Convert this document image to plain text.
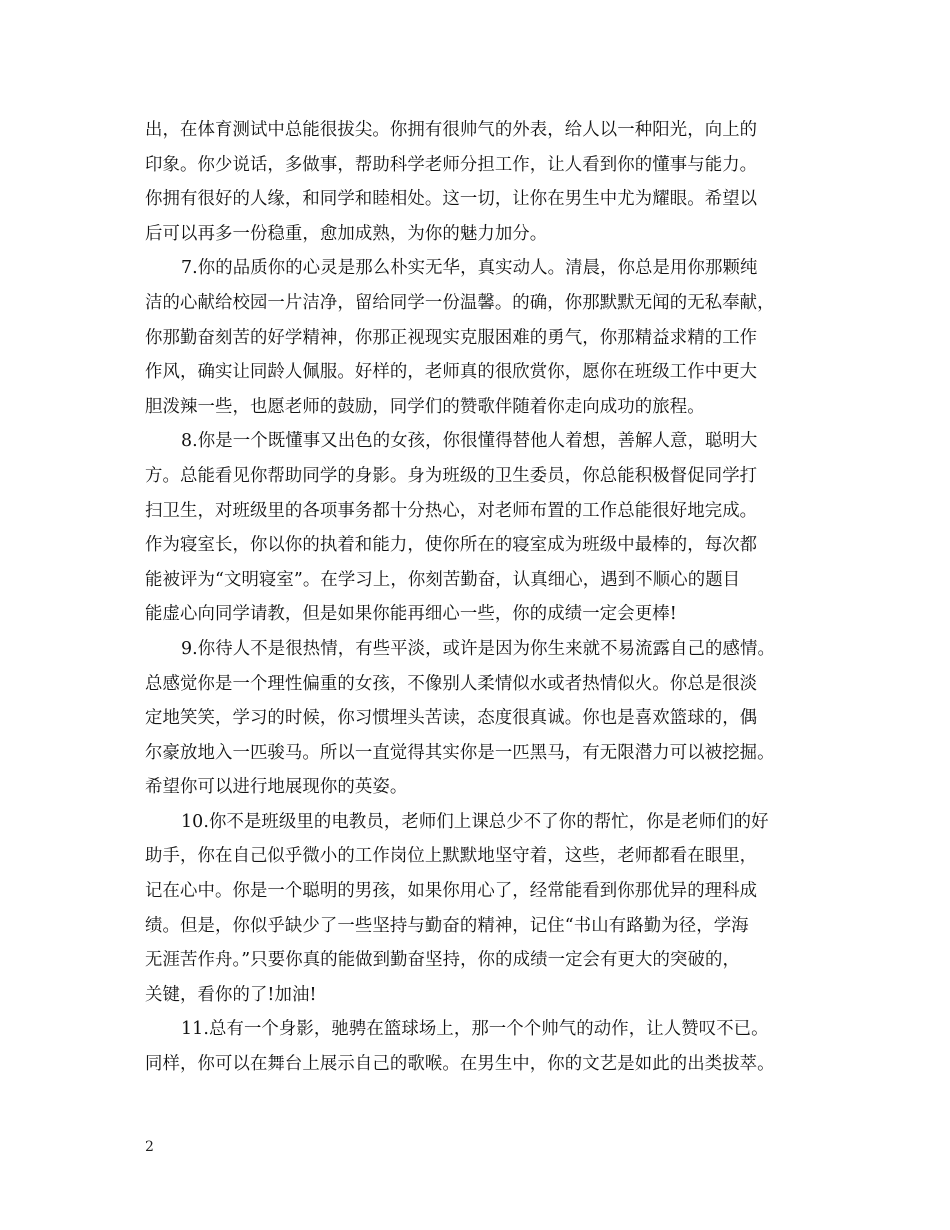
出，在体育测试中总能很拔尖。你拥有很帅气的外表，给人以一种阳光，向上的
印象。你少说话，多做事，帮助科学老师分担工作，让人看到你的懂事与能力。
你拥有很好的人缘，和同学和睦相处。这一切，让你在男生中尤为耀眼。希望以
后可以再多一份稳重，愈加成熟，为你的魅力加分。
7.你的品质你的心灵是那么朴实无华，真实动人。清晨，你总是用你那颗纯
洁的心献给校园一片洁净，留给同学一份温馨。的确，你那默默无闻的无私奉献，
你那勤奋刻苦的好学精神，你那正视现实克服困难的勇气，你那精益求精的工作
作风，确实让同龄人佩服。好样的，老师真的很欣赏你，愿你在班级工作中更大
胆泼辣一些，也愿老师的鼓励，同学们的赞歌伴随着你走向成功的旅程。
8.你是一个既懂事又出色的女孩，你很懂得替他人着想，善解人意，聪明大
方。总能看见你帮助同学的身影。身为班级的卫生委员，你总能积极督促同学打
扫卫生，对班级里的各项事务都十分热心，对老师布置的工作总能很好地完成。
作为寝室长，你以你的执着和能力，使你所在的寝室成为班级中最棒的，每次都
能被评为“文明寝室”。在学习上，你刻苦勤奋，认真细心，遇到不顺心的题目
能虚心向同学请教，但是如果你能再细心一些，你的成绩一定会更棒!
9.你待人不是很热情，有些平淡，或许是因为你生来就不易流露自己的感情。
总感觉你是一个理性偏重的女孩，不像别人柔情似水或者热情似火。你总是很淡
定地笑笑，学习的时候，你习惯埋头苦读，态度很真诚。你也是喜欢篮球的，偶
尔豪放地入一匹骏马。所以一直觉得其实你是一匹黑马，有无限潜力可以被挖掘。
希望你可以进行地展现你的英姿。
10.你不是班级里的电教员，老师们上课总少不了你的帮忙，你是老师们的好
助手，你在自己似乎微小的工作岗位上默默地坚守着，这些，老师都看在眼里，
记在心中。你是一个聪明的男孩，如果你用心了，经常能看到你那优异的理科成
绩。但是，你似乎缺少了一些坚持与勤奋的精神，记住“书山有路勤为径，学海
无涯苦作舟。”只要你真的能做到勤奋坚持，你的成绩一定会有更大的突破的，
关键，看你的了!加油!
11.总有一个身影，驰骋在篮球场上，那一个个帅气的动作，让人赞叹不已。
同样，你可以在舞台上展示自己的歌喉。在男生中，你的文艺是如此的出类拔萃。
2
